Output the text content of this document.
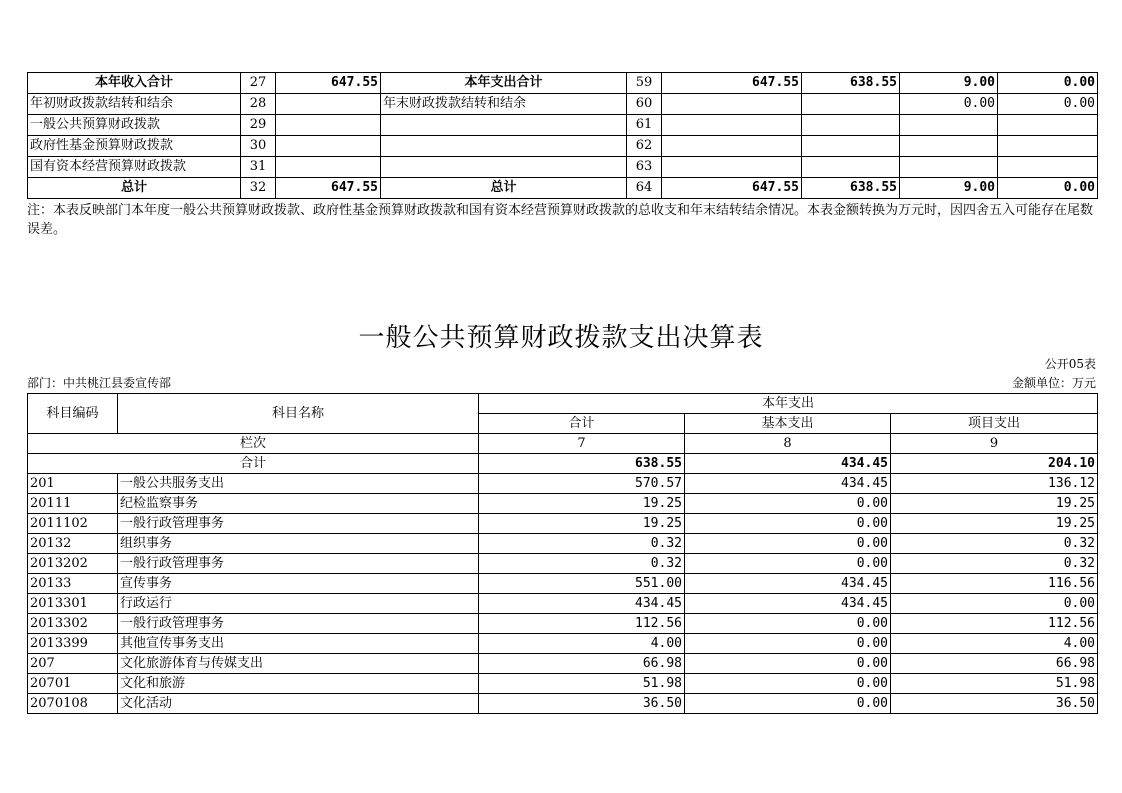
本年收入合计	27	647.55	本年支出合计	59	647.55	638.55	9.00	0.00
年初财政拨款结转和结余	28		年末财政拨款结转和结余	60			0.00	0.00
一般公共预算财政拨款	29			61				
政府性基金预算财政拨款	30			62				
国有资本经营预算财政拨款	31			63				
总计	32	647.55	总计	64	647.55	638.55	9.00	0.00
注：本表反映部门本年度一般公共预算财政拨款、政府性基金预算财政拨款和国有资本经营预算财政拨款的总收支和年末结转结余情况。本表金额转换为万元时，因四舍五入可能存在尾数误差。
一般公共预算财政拨款支出决算表
公开05表
部门：中共桃江县委宣传部	金额单位：万元
科目编码	科目名称	本年支出		
		合计	基本支出	项目支出
栏次		7	8	9
合计		638.55	434.45	204.10
201	一般公共服务支出	570.57	434.45	136.12
20111	纪检监察事务	19.25	0.00	19.25
2011102	一般行政管理事务	19.25	0.00	19.25
20132	组织事务	0.32	0.00	0.32
2013202	一般行政管理事务	0.32	0.00	0.32
20133	宣传事务	551.00	434.45	116.56
2013301	行政运行	434.45	434.45	0.00
2013302	一般行政管理事务	112.56	0.00	112.56
2013399	其他宣传事务支出	4.00	0.00	4.00
207	文化旅游体育与传媒支出	66.98	0.00	66.98
20701	文化和旅游	51.98	0.00	51.98
2070108	文化活动	36.50	0.00	36.50
